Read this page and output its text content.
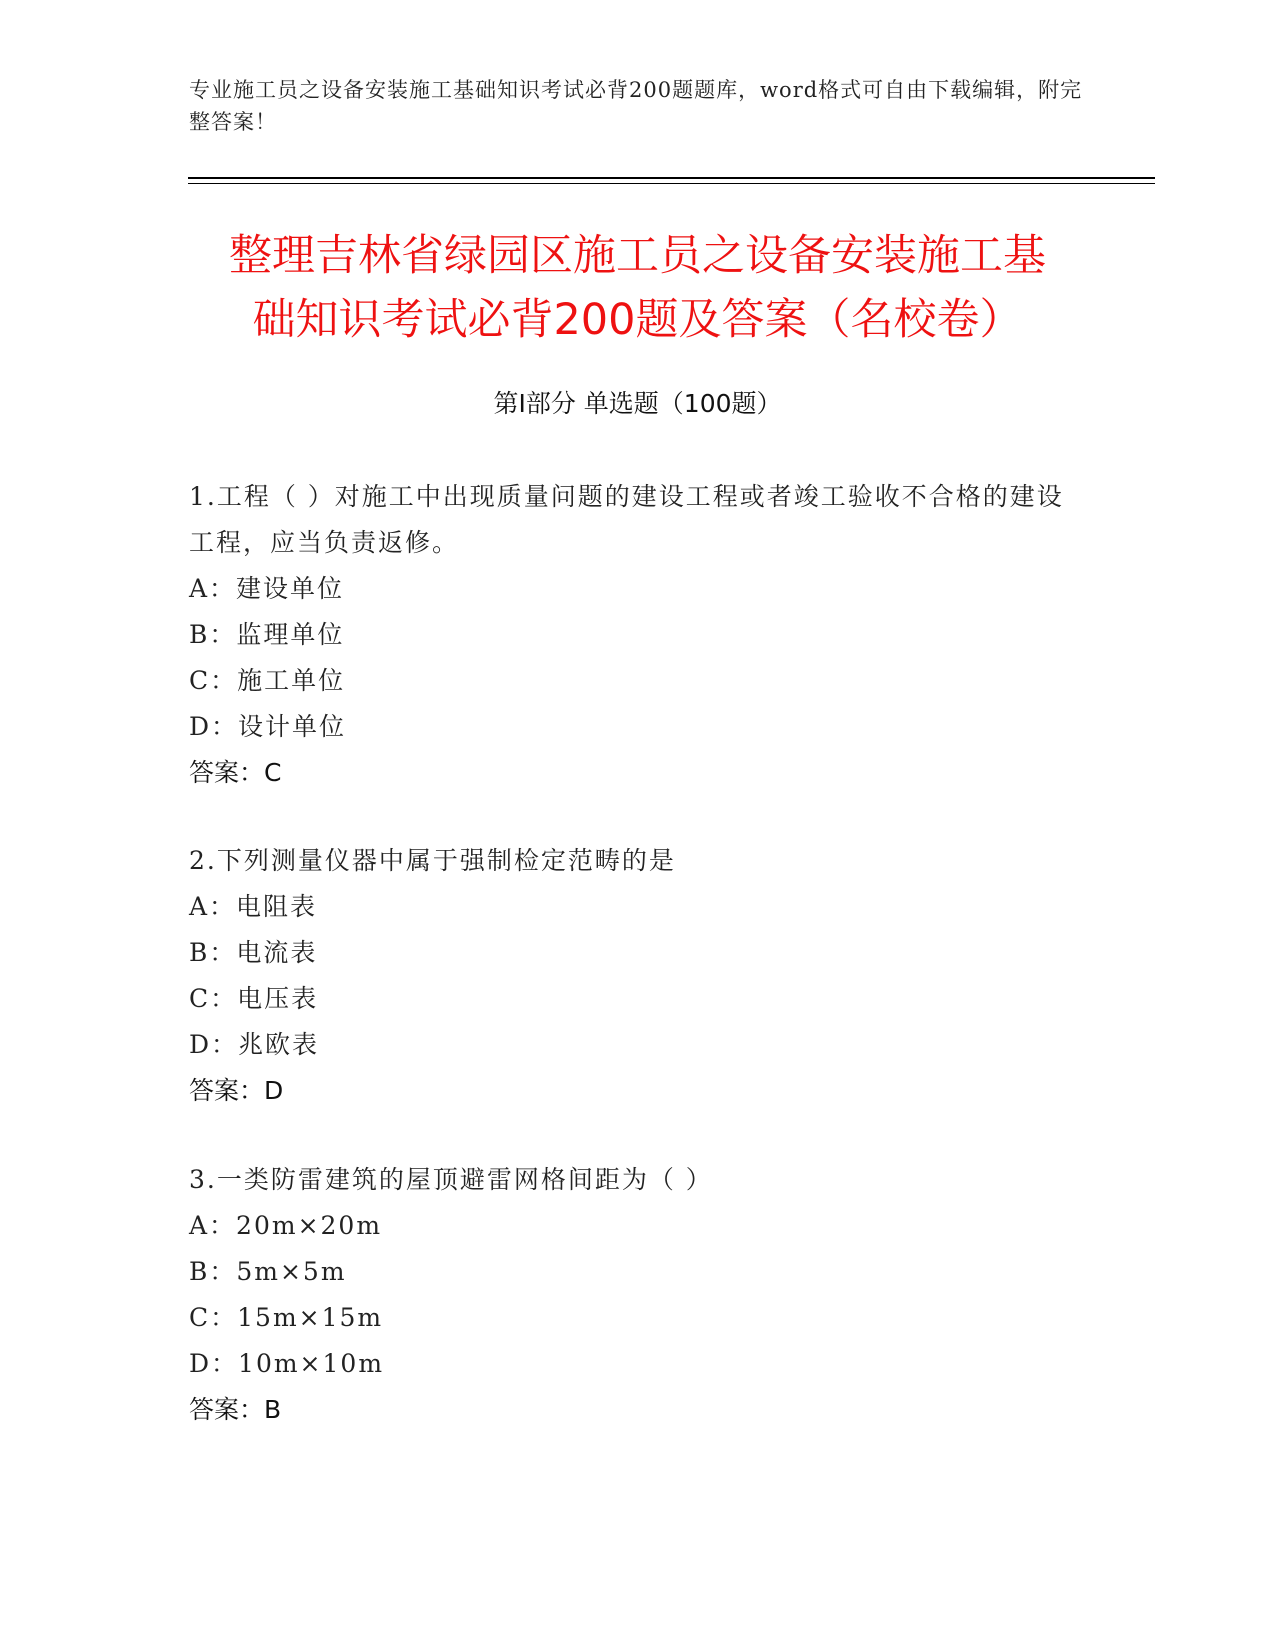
专业施工员之设备安装施工基础知识考试必背200题题库，word格式可自由下载编辑，附完整答案！
整理吉林省绿园区施工员之设备安装施工基
础知识考试必背200题及答案（名校卷）
第Ⅰ部分 单选题（100题）
1.工程（ ）对施工中出现质量问题的建设工程或者竣工验收不合格的建设工程，应当负责返修。
A：建设单位
B：监理单位
C：施工单位
D：设计单位
答案：C
2.下列测量仪器中属于强制检定范畴的是
A：电阻表
B：电流表
C：电压表
D：兆欧表
答案：D
3.一类防雷建筑的屋顶避雷网格间距为（ ）
A：20m×20m
B：5m×5m
C：15m×15m
D：10m×10m
答案：B
